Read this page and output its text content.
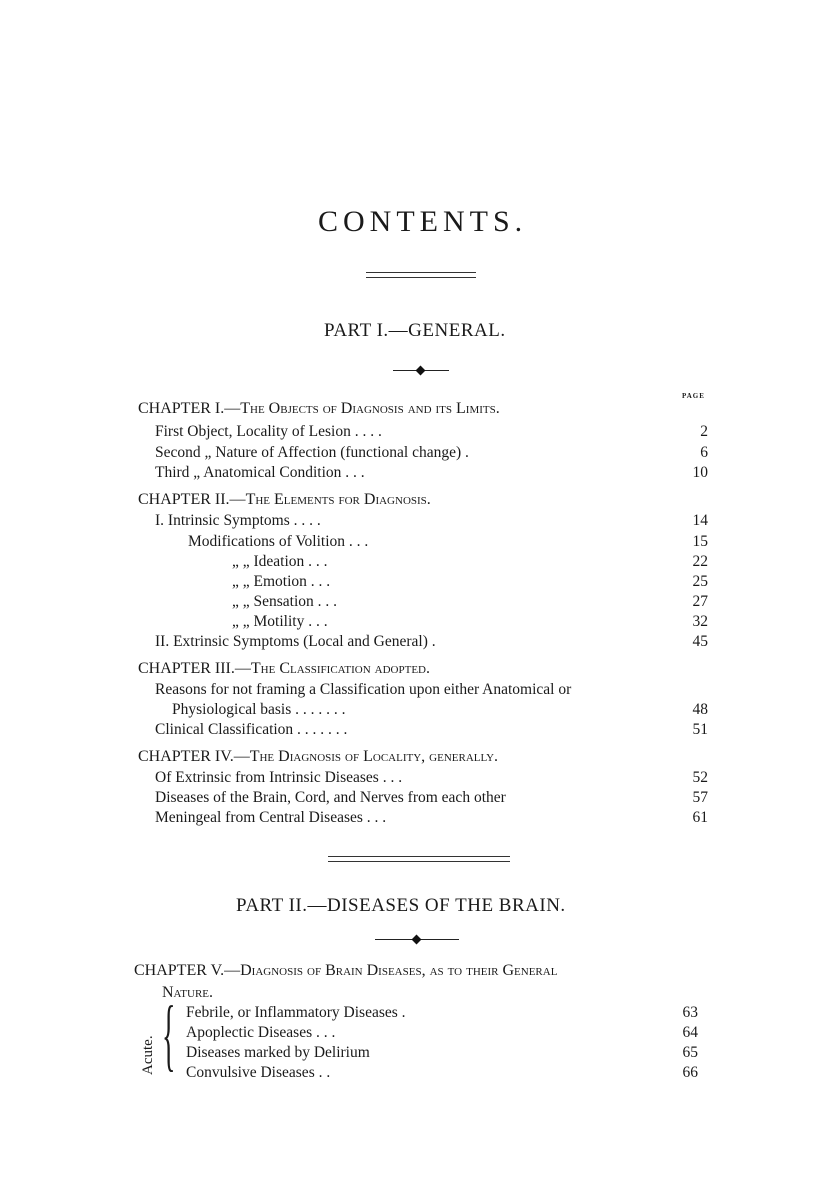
CONTENTS.
PART I.—GENERAL.
PAGE
CHAPTER I.—The Objects of Diagnosis and its Limits.
First Object, Locality of Lesion . . . .	2
Second „ Nature of Affection (functional change) .	6
Third „ Anatomical Condition . . .	10
CHAPTER II.—The Elements for Diagnosis.
I. Intrinsic Symptoms . . . .	14
Modifications of Volition . . .	15
„ „ Ideation . . .	22
„ „ Emotion . . .	25
„ „ Sensation . . .	27
„ „ Motility . . .	32
II. Extrinsic Symptoms (Local and General) .	45
CHAPTER III.—The Classification adopted.
Reasons for not framing a Classification upon either Anatomical or
Physiological basis . . . . . . .	48
Clinical Classification . . . . . . .	51
CHAPTER IV.—The Diagnosis of Locality, generally.
Of Extrinsic from Intrinsic Diseases . . .	52
Diseases of the Brain, Cord, and Nerves from each other	57
Meningeal from Central Diseases . . .	61
PART II.—DISEASES OF THE BRAIN.
CHAPTER V.—Diagnosis of Brain Diseases, as to their General
Nature.
Acute. { Febrile, or Inflammatory Diseases .	63
Apoplectic Diseases . . .	64
Diseases marked by Delirium	65
Convulsive Diseases . .	66
